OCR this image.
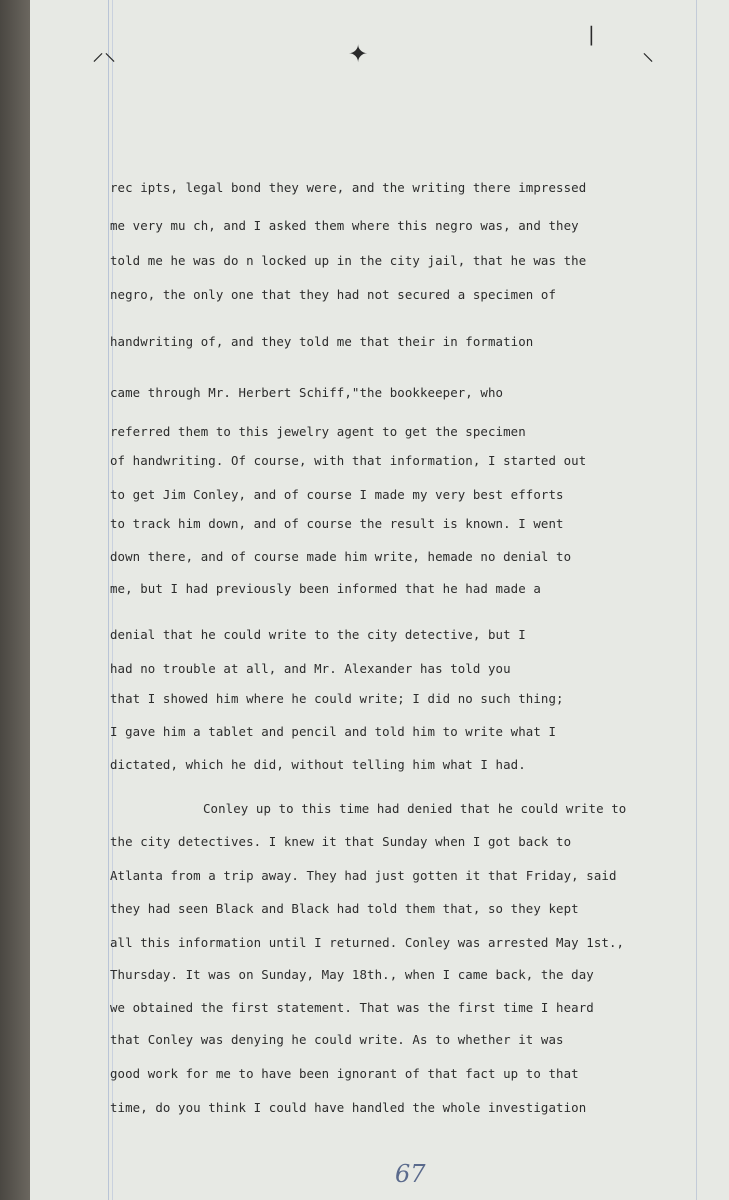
⸝⸜	✦
|
⸜

rec ipts, legal bond they were, and the writing there impressed

me very mu ch, and I asked them where this negro was, and they

told me he was do n locked up in the city jail, that he was the

negro, the only one that they had not secured a specimen of

handwriting of, and they told me that their in formation

came through Mr. Herbert Schiff,"the bookkeeper, who

referred them to this jewelry agent to get the specimen

of handwriting. Of course, with that information, I started out

to get Jim Conley, and of course I made my very best efforts

to track him down, and of course the result is known. I went

down there, and of course made him write, hemade no denial to

me, but I had previously been informed that he had made a

denial that he could write to the city detective, but I

had no trouble at all, and Mr. Alexander has told you

that I showed him where he could write; I did no such thing;

I gave him a tablet and pencil and told him to write what I

dictated, which he did, without telling him what I had.

Conley up to this time had denied that he could write to

the city detectives. I knew it that Sunday when I got back to

Atlanta from a trip away. They had just gotten it that Friday, said

they had seen Black and Black had told them that, so they kept

all this information until I returned. Conley was arrested May 1st.,

Thursday. It was on Sunday, May 18th., when I came back, the day

we obtained the first statement. That was the first time I heard

that Conley was denying he could write. As to whether it was

good work for me to have been ignorant of that fact up to that

time, do you think I could have handled the whole investigation

67
